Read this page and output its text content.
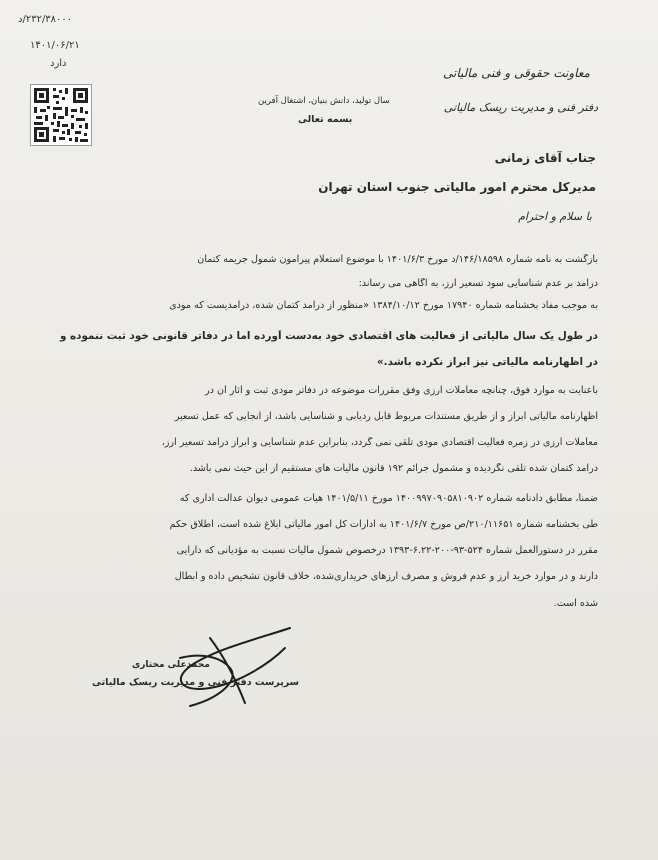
۲۳۲/۳۸۰۰۰/د
۱۴۰۱/۰۶/۲۱
دارد
سال تولید، دانش بنیان، اشتغال آفرین
بسمه تعالی
معاونت حقوقی و فنی مالیاتی
دفتر فنی و مدیریت ریسک مالیاتی
جناب آقای زمانی
مدیرکل محترم امور مالیاتی جنوب استان تهران
با سلام و احترام
بازگشت به نامه شماره ۱۴۶/۱۸۵۹۸/د مورخ ۱۴۰۱/۶/۳ با موضوع استعلام پیرامون شمول جریمه کتمان
درآمد بر عدم شناسایی سود تسعیر ارز، به آگاهی می رساند:
به موجب مفاد بخشنامه شماره ۱۷۹۴۰ مورخ ۱۳۸۴/۱۰/۱۲ «منظور از درآمد کتمان شده، درآمدیست که مودی
در طول یک سال مالیاتی از فعالیت های اقتصادی خود به‌دست آورده اما در دفاتر قانونی خود ثبت ننموده و
در اظهارنامه مالیاتی نیز ابراز نکرده باشد.»
باعنایت به موارد فوق، چنانچه معاملات ارزی وفق مقررات موضوعه در دفاتر مودی ثبت و آثار آن در
اظهارنامه مالیاتی ابراز و از طریق مستندات مربوط قابل ردیابی و شناسایی باشد، از آنجایی که عمل تسعیر
معاملات ارزی در زمره فعالیت اقتصادی مودی تلقی نمی گردد، بنابراین عدم شناسایی و ابراز درآمد تسعیر ارز،
درآمد کتمان شده تلقی نگردیده و مشمول جرائم ۱۹۲ قانون مالیات های مستقیم از این حیث نمی باشد.
ضمناً، مطابق دادنامه شماره ۱۴۰۰۹۹۷۰۹۰۵۸۱۰۹۰۲ مورخ ۱۴۰۱/۵/۱۱ هیات عمومی دیوان عدالت اداری که
طی بخشنامه شماره ۲۱۰/۱۱۶۵۱/ص مورخ ۱۴۰۱/۶/۷ به ادارات کل امور مالیاتی ابلاغ شده است، اطلاق حکم
مقرر در دستورالعمل شماره ۵۲۴-۹۳-۲۰۰-۶.۲۲-۱۳۹۳ درخصوص شمول مالیات نسبت به مؤدیانی که دارایی
دارند و در موارد خرید ارز و عدم فروش و مصرف ارزهای خریداری‌شده، خلاف قانون تشخیص داده و ابطال
شده است.
محمدعلی مختاری
سرپرست دفتر فنی و مدیریت ریسک مالیاتی
